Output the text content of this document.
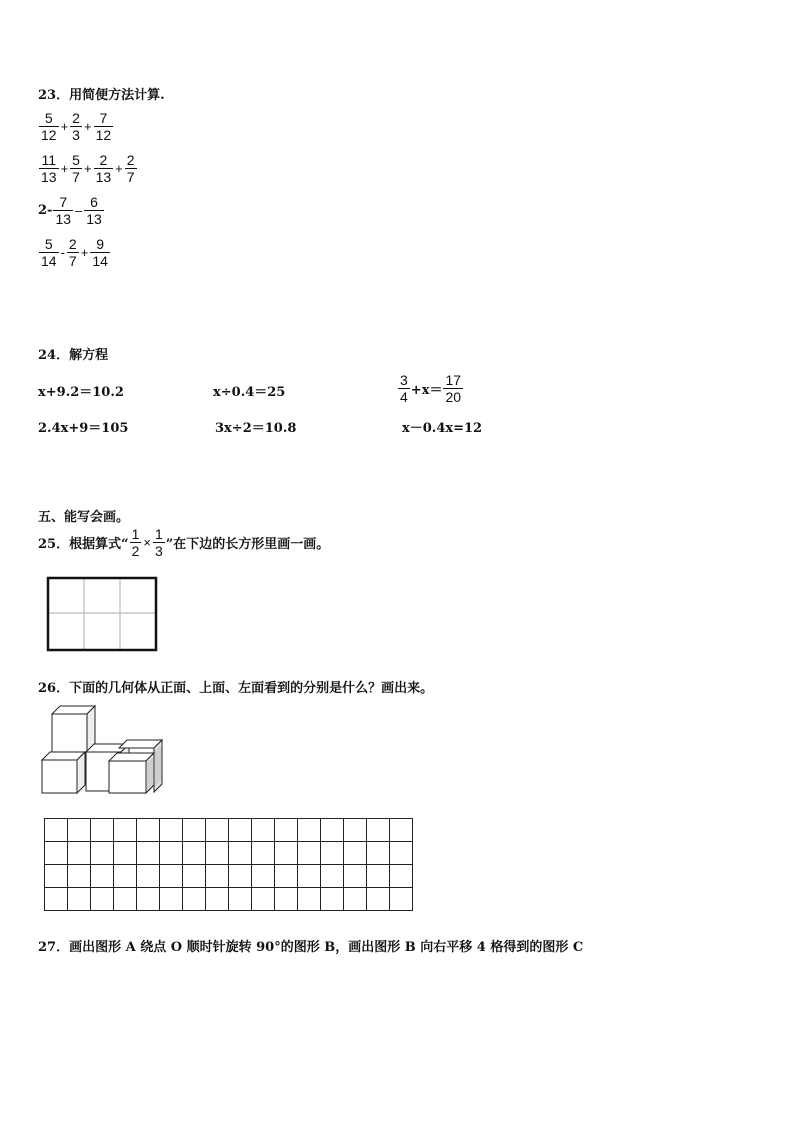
23．用简便方法计算.
$\frac{5}{12} + \frac{2}{3} + \frac{7}{12}$
$\frac{11}{13} + \frac{5}{7} + \frac{2}{13} + \frac{2}{7}$
$2- \frac{7}{13} - \frac{6}{13}$
$\frac{5}{14} - \frac{2}{7} + \frac{9}{14}$
24．解方程
x+9.2＝10.2	x÷0.4＝25	$\frac{3}{4} +x= \frac{17}{20}$
2.4x+9＝105	3x÷2＝10.8	x－0.4x=12
五、能写会画。
25．根据算式“ $\frac{1}{2} \times \frac{1}{3}$ ”在下边的长方形里画一画。
26．下面的几何体从正面、上面、左面看到的分别是什么？画出来。

27．画出图形 A 绕点 O 顺时针旋转 90°的图形 B，画出图形 B 向右平移 4 格得到的图形 C
